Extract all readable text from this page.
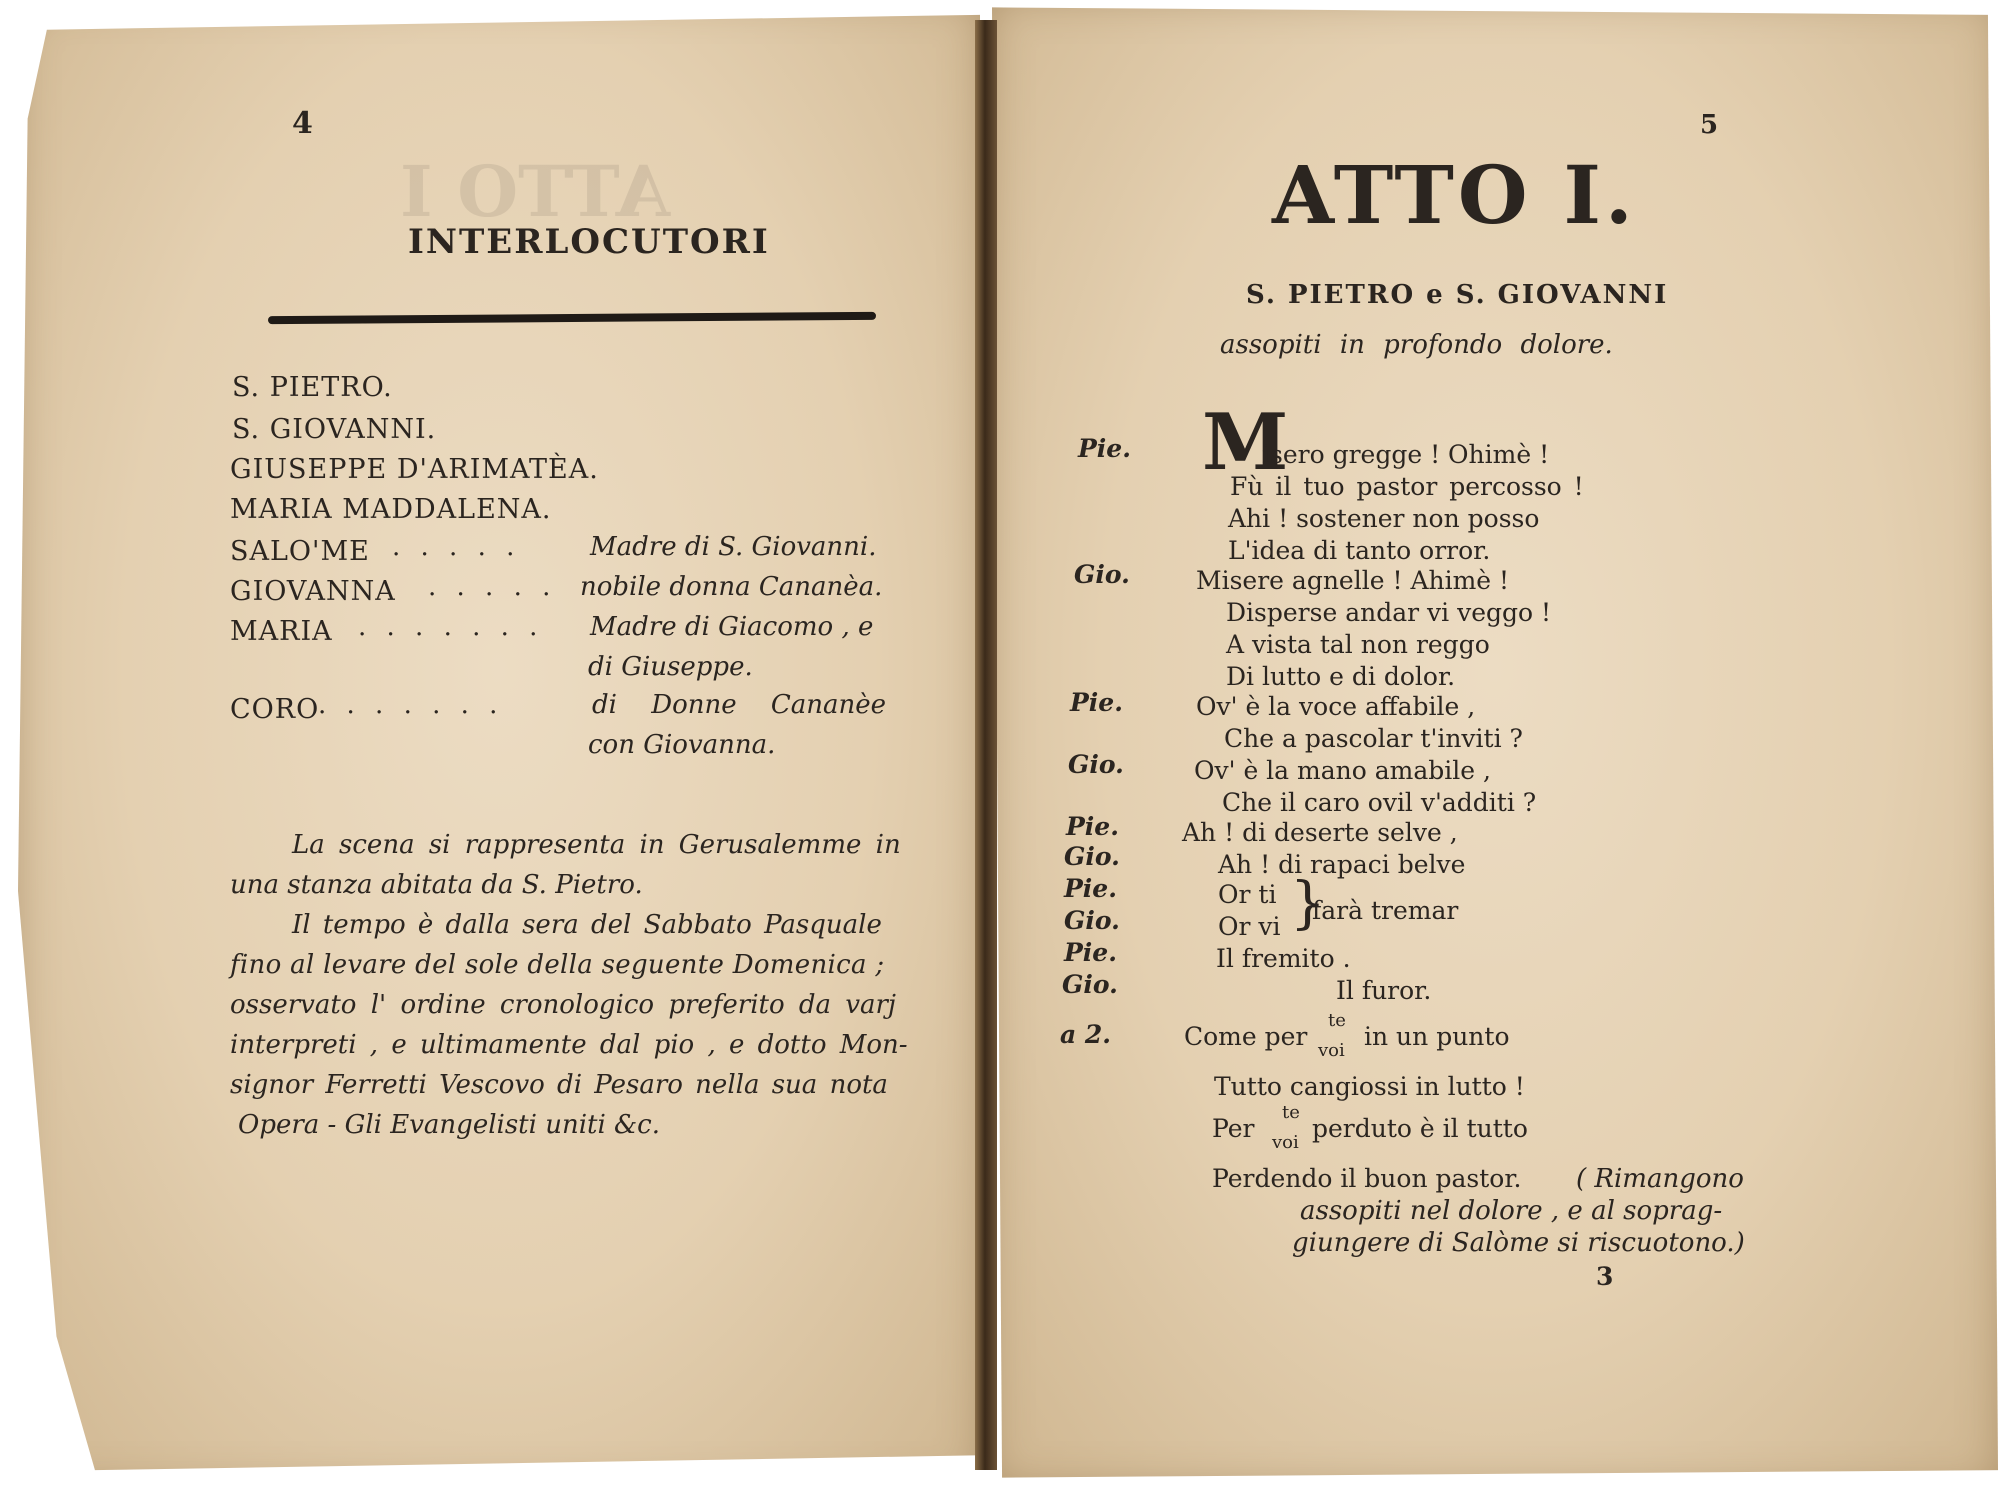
ATTO I

4

INTERLOCUTORI

S. PIETRO.

S. GIOVANNI.

GIUSEPPE D'ARIMATÈA.

MARIA MADDALENA.

SALO'ME . . . . .	Madre di S. Giovanni.

GIOVANNA . . . . . nobile donna Cananèa.

MARIA . . . . . . . Madre di Giacomo , e

di Giuseppe.

CORO

. . . . . . .	di Donne Cananèe

con Giovanna.

La scena si rappresenta in Gerusalemme in

una stanza abitata da S. Pietro.

Il tempo è dalla sera del Sabbato Pasquale

fino al levare del sole della seguente Domenica ;

osservato l' ordine cronologico preferito da varj

interpreti , e ultimamente dal pio , e dotto Mon-

signor Ferretti Vescovo di Pesaro nella sua nota

Opera - Gli Evangelisti uniti &c.

5

ATTO I.

S. PIETRO e S. GIOVANNI

assopiti in profondo dolore.

Pie.

Gio.

Pie.

Gio.

Pie.

Gio.

Pie.

Gio.

Pie.

Gio.

a 2.

M

isero gregge ! Ohimè !

Fù il tuo pastor percosso !

Ahi ! sostener non posso

L'idea di tanto orror.

Misere agnelle ! Ahimè !

Disperse andar vi veggo !

A vista tal non reggo

Di lutto e di dolor.

Ov' è la voce affabile ,

Che a pascolar t'inviti ?

Ov' è la mano amabile ,

Che il caro ovil v'additi ?

Ah ! di deserte selve ,

Ah ! di rapaci belve

Or ti

Or vi }

farà tremar

Il fremito .

Il furor.

Come per

te

voi in un punto

Tutto cangiossi in lutto !

Per

te

voi perduto è il tutto

Perdendo il buon pastor. ( Rimangono

assopiti nel dolore , e al soprag-

giungere di Salòme si riscuotono.)

3
